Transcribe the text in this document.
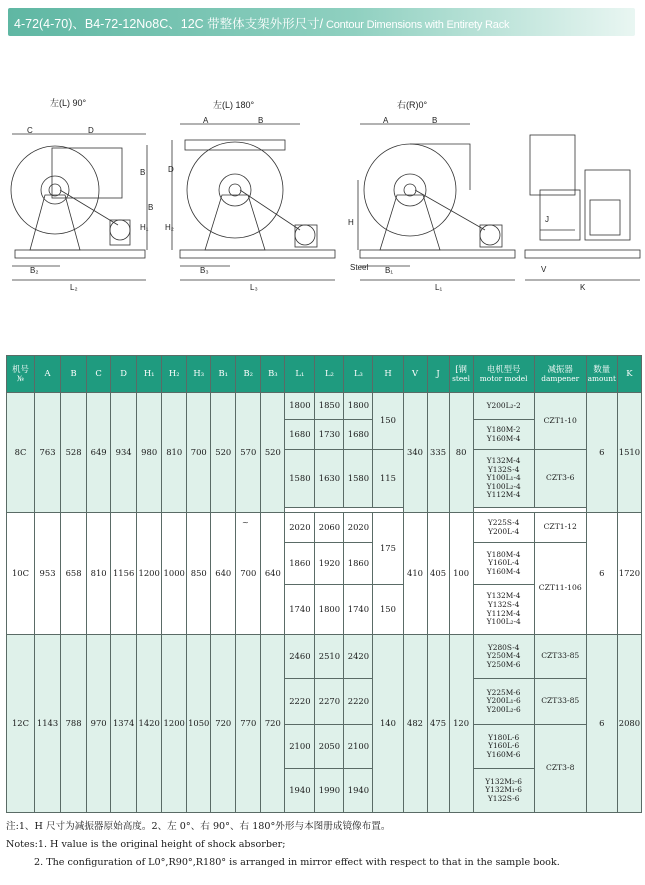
4-72(4-70)、B4-72-12No8C、12C 带整体支架外形尺寸/ Contour Dimensions with Entirety Rack
左(L) 90°	左(L) 180°	右(R)0°
C	D
B
A	B	A	B
D
B
H₁ H₂
H
B₂	B₃	B₁
L₂	L₃	L₁
Steel
J
V
K
机号
№	A	B	C	D	H₁	H₂	H₃	B₁	B₂	B₃	L₁	L₂	L₃	H	V	J	[钢
steel	电机型号
motor model	减振器
dampener	数量
amount	K
8C	763	528	649	934	980	810	700	520	570	520	1800	1850	1800	150	340	335	80	Y200L₂-2	CZT1-10	6	1510
											1680	1730	1680					Y180M-2
Y160M-4			
											1580	1630	1580	115				Y132M-4
Y132S-4
Y100L₁-4
Y100L₂-4
Y112M-4	CZT3-6		

10C	953	658	810	1156	1200	1000	850	640	700	640	2020	2060	2020	175	410	405	100	Y225S-4
Y200L-4	CZT1-12	6	1720
											1860	1920	1860					Y180M-4
Y160L-4
Y160M-4	CZT11-106		
											1740	1800	1740	150				Y132M-4
Y132S-4
Y112M-4
Y100L₂-4			
12C	1143	788	970	1374	1420	1200	1050	720	770	720	2460	2510	2420	140	482	475	120	Y280S-4
Y250M-4
Y250M-6	CZT33-85	6	2080
											2220	2270	2220					Y225M-6
Y200L₁-6
Y200L₂-6	CZT33-85		
											2100	2050	2100					Y180L-6
Y160L-6
Y160M-6	CZT3-8		
											1940	1990	1940					Y132M₂-6
Y132M₁-6
Y132S-6			
~
注:1、H 尺寸为减振器原始高度。2、左 0°、右 90°、右 180°外形与本图册成镜像布置。
Notes:1. H value is the original height of shock absorber;
2. The configuration of L0°,R90°,R180° is arranged in mirror effect with respect to that in the sample book.
